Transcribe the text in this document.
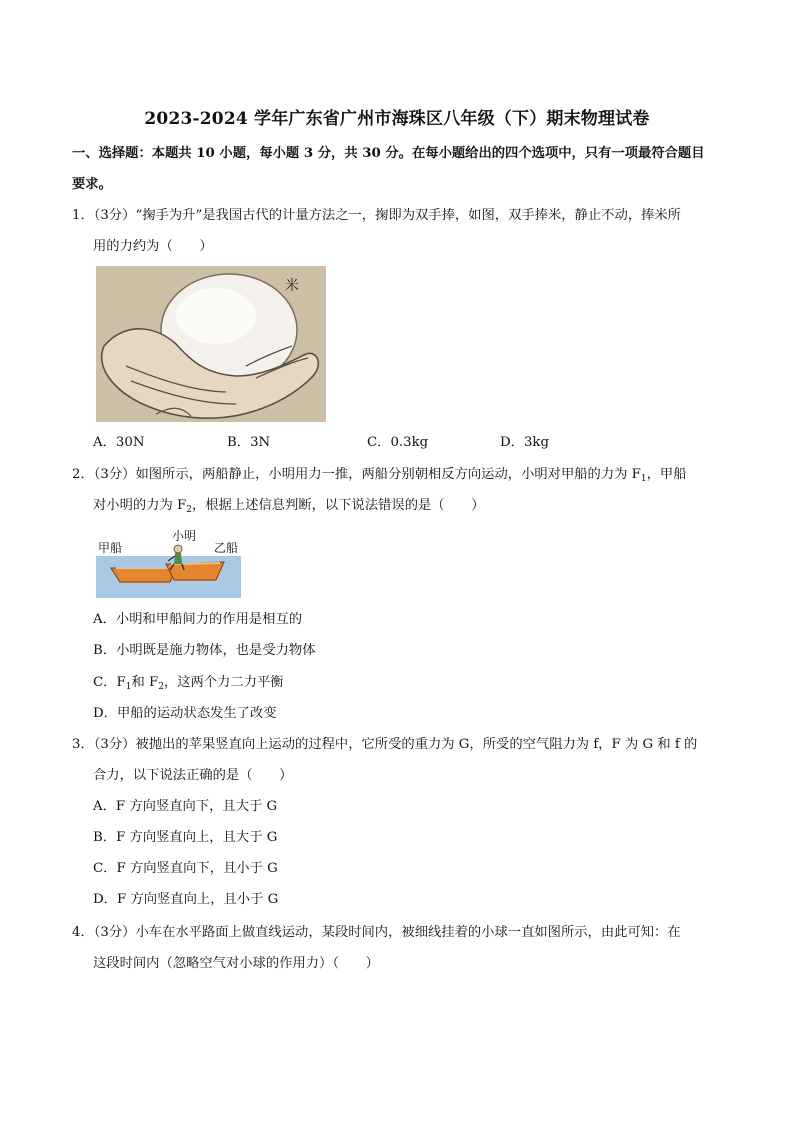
2023-2024 学年广东省广州市海珠区八年级（下）期末物理试卷
一、选择题：本题共 10 小题，每小题 3 分，共 30 分。在每小题给出的四个选项中，只有一项最符合题目
要求。
1．（3分）“掬手为升”是我国古代的计量方法之一，掬即为双手捧，如图，双手捧米，静止不动，捧米所
用的力约为（　　）
米
A．30N	B．3N	C．0.3kg	D．3kg
2．（3分）如图所示，两船静止，小明用力一推，两船分别朝相反方向运动，小明对甲船的力为 $F_1$，甲船
对小明的力为 $F_2$，根据上述信息判断，以下说法错误的是（　　）
甲船
小明
乙船
A．小明和甲船间力的作用是相互的
B．小明既是施力物体，也是受力物体
C．$F_1$和 $F_2$，这两个力二力平衡
D．甲船的运动状态发生了改变
3．（3分）被抛出的苹果竖直向上运动的过程中，它所受的重力为 G，所受的空气阻力为 f，F 为 G 和 f 的
合力，以下说法正确的是（　　）
A．F 方向竖直向下，且大于 G
B．F 方向竖直向上，且大于 G
C．F 方向竖直向下，且小于 G
D．F 方向竖直向上，且小于 G
4．（3分）小车在水平路面上做直线运动，某段时间内，被细线挂着的小球一直如图所示，由此可知：在
这段时间内（忽略空气对小球的作用力）（　　）
